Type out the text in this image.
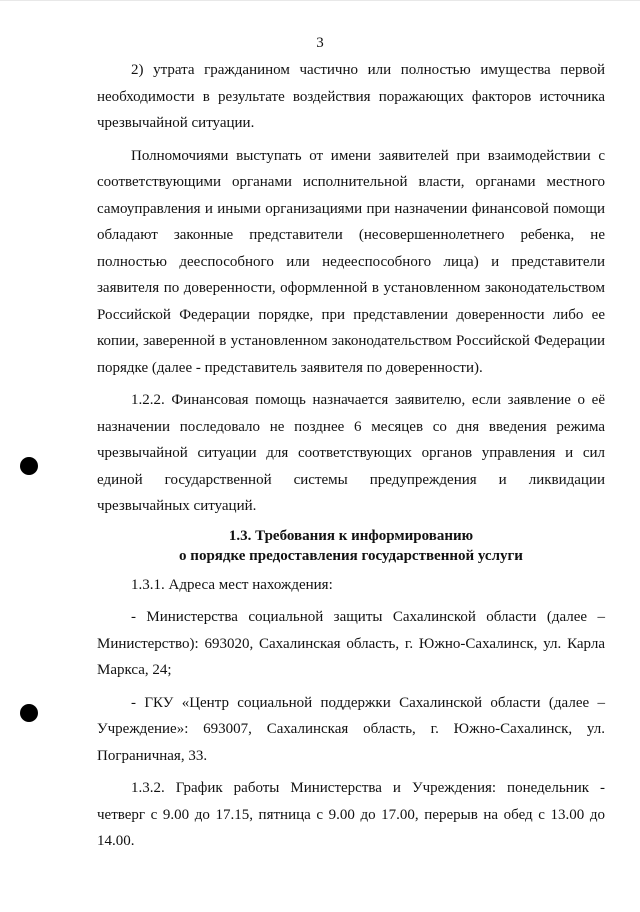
3

2) утрата гражданином частично или полностью имущества первой необходимости в результате воздействия поражающих факторов источника чрезвычайной ситуации.

Полномочиями выступать от имени заявителей при взаимодействии с соответствующими органами исполнительной власти, органами местного самоуправления и иными организациями при назначении финансовой помощи обладают законные представители (несовершеннолетнего ребенка, не полностью дееспособного или недееспособного лица) и представители заявителя по доверенности, оформленной в установленном законодательством Российской Федерации порядке, при представлении доверенности либо ее копии, заверенной в установленном законодательством Российской Федерации порядке (далее - представитель заявителя по доверенности).

1.2.2. Финансовая помощь назначается заявителю, если заявление о её назначении последовало не позднее 6 месяцев со дня введения режима чрезвычайной ситуации для соответствующих органов управления и сил единой государственной системы предупреждения и ликвидации чрезвычайных ситуаций.

1.3. Требования к информированию
о порядке предоставления государственной услуги

1.3.1. Адреса мест нахождения:

- Министерства социальной защиты Сахалинской области (далее – Министерство): 693020, Сахалинская область, г. Южно-Сахалинск, ул. Карла Маркса, 24;

- ГКУ «Центр социальной поддержки Сахалинской области (далее – Учреждение»: 693007, Сахалинская область, г. Южно-Сахалинск, ул. Пограничная, 33.

1.3.2. График работы Министерства и Учреждения: понедельник - четверг с 9.00 до 17.15, пятница с 9.00 до 17.00, перерыв на обед с 13.00 до 14.00.
